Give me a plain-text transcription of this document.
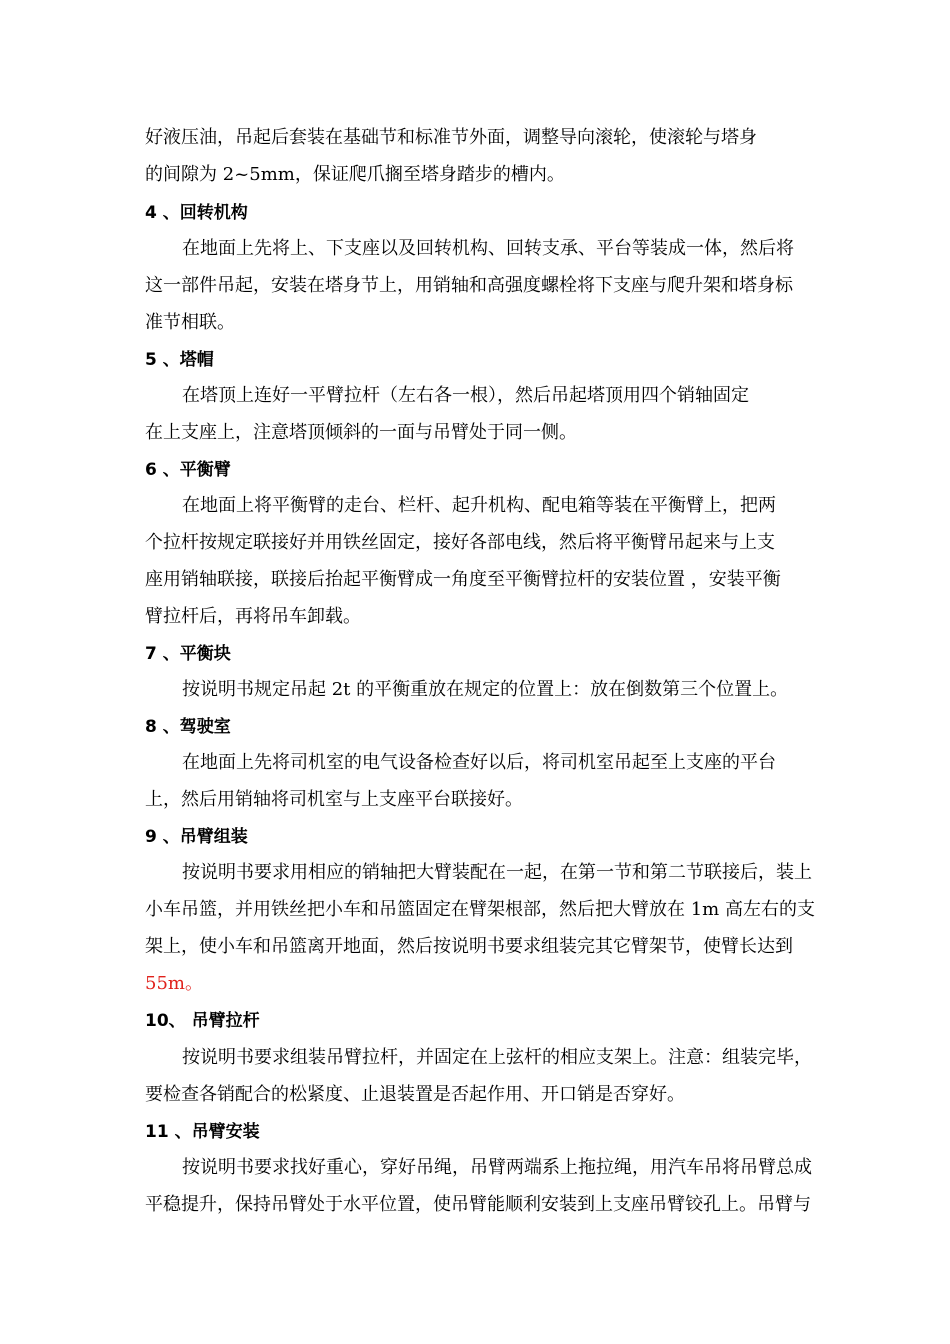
好液压油，吊起后套装在基础节和标准节外面，调整导向滚轮，使滚轮与塔身
的间隙为 2~5mm，保证爬爪搁至塔身踏步的槽内。
4 、回转机构
在地面上先将上、下支座以及回转机构、回转支承、平台等装成一体，然后将
这一部件吊起，安装在塔身节上，用销轴和高强度螺栓将下支座与爬升架和塔身标
准节相联。
5 、塔帽
在塔顶上连好一平臂拉杆（左右各一根），然后吊起塔顶用四个销轴固定
在上支座上，注意塔顶倾斜的一面与吊臂处于同一侧。
6 、平衡臂
在地面上将平衡臂的走台、栏杆、起升机构、配电箱等装在平衡臂上，把两
个拉杆按规定联接好并用铁丝固定，接好各部电线，然后将平衡臂吊起来与上支
座用销轴联接，联接后抬起平衡臂成一角度至平衡臂拉杆的安装位置 ，安装平衡
臂拉杆后，再将吊车卸载。
7 、平衡块
按说明书规定吊起 2t 的平衡重放在规定的位置上：放在倒数第三个位置上。
8 、驾驶室
在地面上先将司机室的电气设备检查好以后，将司机室吊起至上支座的平台
上，然后用销轴将司机室与上支座平台联接好。
9 、吊臂组装
按说明书要求用相应的销轴把大臂装配在一起，在第一节和第二节联接后，装上
小车吊篮，并用铁丝把小车和吊篮固定在臂架根部，然后把大臂放在 1m 高左右的支
架上，使小车和吊篮离开地面，然后按说明书要求组装完其它臂架节，使臂长达到
55m。
10、 吊臂拉杆
按说明书要求组装吊臂拉杆，并固定在上弦杆的相应支架上。注意：组装完毕，
要检查各销配合的松紧度、止退装置是否起作用、开口销是否穿好。
11 、吊臂安装
按说明书要求找好重心，穿好吊绳，吊臂两端系上拖拉绳，用汽车吊将吊臂总成
平稳提升，保持吊臂处于水平位置，使吊臂能顺利安装到上支座吊臂铰孔上。吊臂与
